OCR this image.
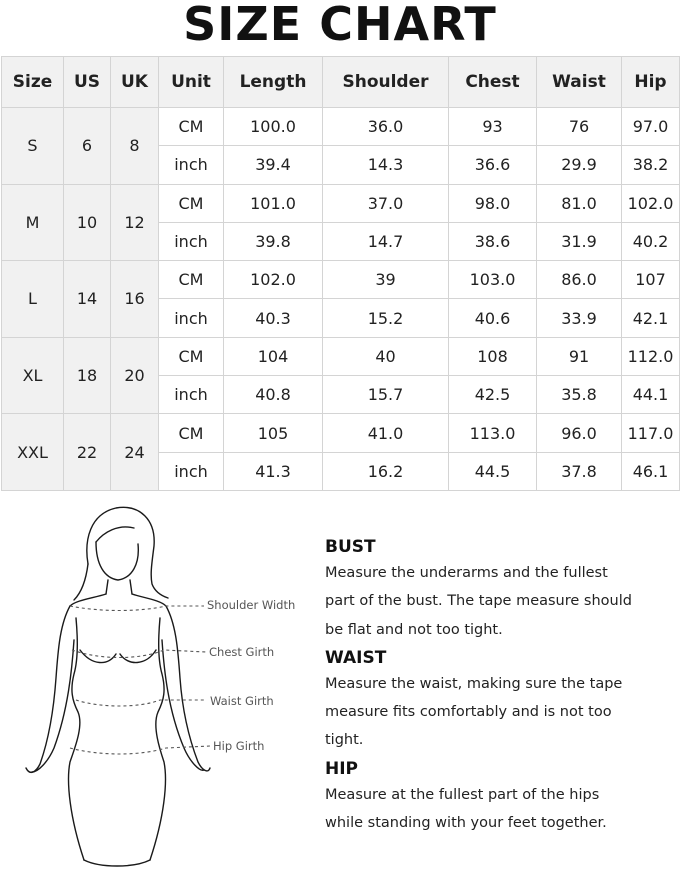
SIZE CHART
Size	US	UK	Unit	Length	Shoulder	Chest	Waist	Hip
S	6	8	CM	100.0	36.0	93	76	97.0
			inch	39.4	14.3	36.6	29.9	38.2
M	10	12	CM	101.0	37.0	98.0	81.0	102.0
			inch	39.8	14.7	38.6	31.9	40.2
L	14	16	CM	102.0	39	103.0	86.0	107
			inch	40.3	15.2	40.6	33.9	42.1
XL	18	20	CM	104	40	108	91	112.0
			inch	40.8	15.7	42.5	35.8	44.1
XXL	22	24	CM	105	41.0	113.0	96.0	117.0
			inch	41.3	16.2	44.5	37.8	46.1
Shoulder Width
Chest Girth
Waist Girth
Hip Girth
BUST

Measure the underarms and the fullest
part of the bust. The tape measure should
be flat and not too tight.

WAIST

Measure the waist, making sure the tape
measure fits comfortably and is not too
tight.

HIP

Measure at the fullest part of the hips
while standing with your feet together.
